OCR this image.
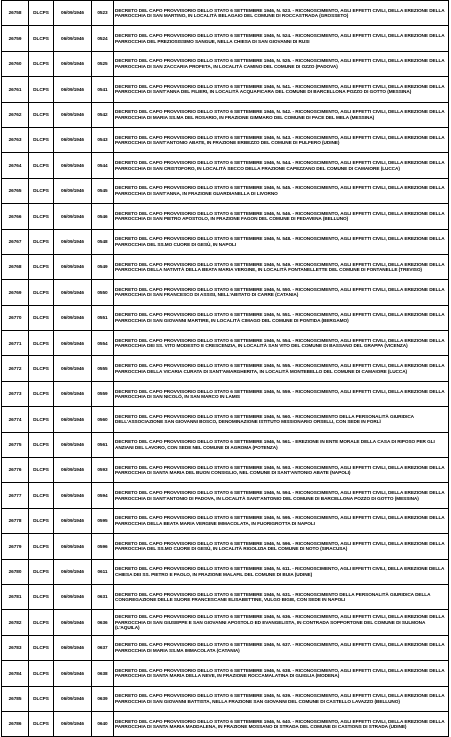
26758	DLCPS	06/09/1946	0523	DECRETO DEL CAPO PROVVISORIO DELLO STATO 6 SETTEMBRE 1946, N. 523. - RICONOSCIMENTO, AGLI EFFETTI CIVILI, DELLA EREZIONE DELLA PARROCCHIA DI SAN MARTINO, IN LOCALITÀ BELAGAIO DEL COMUNE DI ROCCASTRADA (GROSSETO)
26759	DLCPS	06/09/1946	0524	DECRETO DEL CAPO PROVVISORIO DELLO STATO 6 SETTEMBRE 1946, N. 524. - RICONOSCIMENTO, AGLI EFFETTI CIVILI, DELLA EREZIONE DELLA PARROCCHIA DEL PREZIOSISSIMO SANGUE, NELLA CHIESA DI SAN GIOVANNI DI RUSI
26760	DLCPS	06/09/1946	0525	DECRETO DEL CAPO PROVVISORIO DELLO STATO 6 SETTEMBRE 1946, N. 525. - RICONOSCIMENTO, AGLI EFFETTI CIVILI, DELLA EREZIONE DELLA PARROCCHIA DI SAN ZACCARIA PROFETA, IN LOCALITÀ CAMINO DEL COMUNE DI OZZO (PADOVA)
26761	DLCPS	06/09/1946	0541	DECRETO DEL CAPO PROVVISORIO DELLO STATO 6 SETTEMBRE 1946, N. 541. - RICONOSCIMENTO, AGLI EFFETTI CIVILI, DELLA EREZIONE DELLA PARROCCHIA DI SANT'ANNA DEL FILIERI, IN LOCALITÀ ACQUAFICARA DEL COMUNE DI BARCELLONA POZZO DI GOTTO (MESSINA)
26762	DLCPS	06/09/1946	0542	DECRETO DEL CAPO PROVVISORIO DELLO STATO 6 SETTEMBRE 1946, N. 542. - RICONOSCIMENTO, AGLI EFFETTI CIVILI, DELLA EREZIONE DELLA PARROCCHIA DI MARIA SS.MA DEL ROSARIO, IN FRAZIONE GIMMARO DEL COMUNE DI PACE DEL MELA (MESSINA)
26763	DLCPS	06/09/1946	0543	DECRETO DEL CAPO PROVVISORIO DELLO STATO 6 SETTEMBRE 1946, N. 543. - RICONOSCIMENTO, AGLI EFFETTI CIVILI, DELLA EREZIONE DELLA PARROCCHIA DI SANT'ANTONIO ABATE, IN FRAZIONE ERBEZZO DEL COMUNE DI PULFERO (UDINE)
26764	DLCPS	06/09/1946	0544	DECRETO DEL CAPO PROVVISORIO DELLO STATO 6 SETTEMBRE 1946, N. 544. - RICONOSCIMENTO, AGLI EFFETTI CIVILI, DELLA EREZIONE DELLA PARROCCHIA DI SAN CRISTOFORO, IN LOCALITÀ SECCO DELLA FRAZIONE CAPEZZANO DEL COMUNE DI CAMAIORE (LUCCA)
26765	DLCPS	06/09/1946	0545	DECRETO DEL CAPO PROVVISORIO DELLO STATO 6 SETTEMBRE 1946, N. 545. - RICONOSCIMENTO, AGLI EFFETTI CIVILI, DELLA EREZIONE DELLA PARROCCHIA DI SANT'ANNA, IN FRAZIONE GUARDIANELLA DI LIVORNO
26766	DLCPS	06/09/1946	0546	DECRETO DEL CAPO PROVVISORIO DELLO STATO 6 SETTEMBRE 1946, N. 546. - RICONOSCIMENTO, AGLI EFFETTI CIVILI, DELLA EREZIONE DELLA PARROCCHIA DI SAN PIETRO APOSTOLO, IN FRAZIONE FAGON DEL COMUNE DI FEDAVENA (BELLUNO)
26767	DLCPS	06/09/1946	0548	DECRETO DEL CAPO PROVVISORIO DELLO STATO 6 SETTEMBRE 1946, N. 548. - RICONOSCIMENTO, AGLI EFFETTI CIVILI, DELLA EREZIONE DELLA PARROCCHIA DEL SS.MO CUORE DI GESÙ, IN NAPOLI
26768	DLCPS	06/09/1946	0549	DECRETO DEL CAPO PROVVISORIO DELLO STATO 6 SETTEMBRE 1946, N. 549. - RICONOSCIMENTO, AGLI EFFETTI CIVILI, DELLA EREZIONE DELLA PARROCCHIA DELLA NATIVITÀ DELLA BEATA MARIA VERGINE, IN LOCALITÀ FONTANELLETTE DEL COMUNE DI FONTANELLE (TREVISO)
26769	DLCPS	06/09/1946	0550	DECRETO DEL CAPO PROVVISORIO DELLO STATO 6 SETTEMBRE 1946, N. 550. - RICONOSCIMENTO, AGLI EFFETTI CIVILI, DELLA EREZIONE DELLA PARROCCHIA DI SAN FRANCESCO DI ASSISI, NELL'ABITATO DI CARRE (CATANIA)
26770	DLCPS	06/09/1946	0551	DECRETO DEL CAPO PROVVISORIO DELLO STATO 6 SETTEMBRE 1946, N. 551. - RICONOSCIMENTO, AGLI EFFETTI CIVILI, DELLA EREZIONE DELLA PARROCCHIA DI SAN GIOVANNI MARTIRE, IN LOCALITÀ CIMAGO DEL COMUNE DI PONTIDA (BERGAMO)
26771	DLCPS	06/09/1946	0554	DECRETO DEL CAPO PROVVISORIO DELLO STATO 6 SETTEMBRE 1946, N. 554. - RICONOSCIMENTO, AGLI EFFETTI CIVILI, DELLA EREZIONE DELLA PARROCCHIA DEI SS. VITO MODESTO E CRESCENZIA, IN LOCALITÀ SAN VITO DEL COMUNE DI BASSANO DEL GRAPPA (VICENZA)
26772	DLCPS	06/09/1946	0555	DECRETO DEL CAPO PROVVISORIO DELLO STATO 6 SETTEMBRE 1946, N. 555. - RICONOSCIMENTO, AGLI EFFETTI CIVILI, DELLA EREZIONE DELLA PARROCCHIA DELLA VICARIA CURATA DI SANT'AMARGHERITA, IN LOCALITÀ MONTEBELLO DEL COMUNE DI CAMAIORE (LUCCA)
26773	DLCPS	06/09/1946	0559	DECRETO DEL CAPO PROVVISORIO DELLO STATO 6 SETTEMBRE 1946, N. 559. - RICONOSCIMENTO, AGLI EFFETTI CIVILI, DELLA EREZIONE DELLA PARROCCHIA DI SAN NICOLÒ, IN SAN MARCO IN LAMIS
26774	DLCPS	06/09/1946	0560	DECRETO DEL CAPO PROVVISORIO DELLO STATO 6 SETTEMBRE 1946, N. 560. - RICONOSCIMENTO DELLA PERSONALITÀ GIURIDICA DELL'ASSOCIAZIONE SAN GIOVANNI BOSCO, DENOMINAZIONE ISTITUTO MISSIONARIO ORSELLI, CON SEDE IN FORLÌ
26775	DLCPS	06/09/1946	0561	DECRETO DEL CAPO PROVVISORIO DELLO STATO 6 SETTEMBRE 1946, N. 561. - EREZIONE IN ENTE MORALE DELLA CASA DI RIPOSO PER GLI ANZIANI DEL LAVORO, CON SEDE NEL COMUNE DI AGROMA (POTENZA)
26776	DLCPS	06/09/1946	0593	DECRETO DEL CAPO PROVVISORIO DELLO STATO 6 SETTEMBRE 1946, N. 593. - RICONOSCIMENTO, AGLI EFFETTI CIVILI, DELLA EREZIONE DELLA PARROCCHIA DI SANTA MARIA DEL BUON CONSIGLIO, NEL COMUNE DI SANT'ANTONIO ABATE (NAPOLI)
26777	DLCPS	06/09/1946	0594	DECRETO DEL CAPO PROVVISORIO DELLO STATO 6 SETTEMBRE 1946, N. 594. - RICONOSCIMENTO, AGLI EFFETTI CIVILI, DELLA EREZIONE DELLA PARROCCHIA DI SANT'ANTONIO DI PADOVA, IN LOCALITÀ SANT'ANTONIO DEL COMUNE DI BARCELLONA POZZO DI GOTTO (MESSINA)
26778	DLCPS	06/09/1946	0595	DECRETO DEL CAPO PROVVISORIO DELLO STATO 6 SETTEMBRE 1946, N. 595. - RICONOSCIMENTO, AGLI EFFETTI CIVILI, DELLA EREZIONE DELLA PARROCCHIA DELLA BEATA MARIA VERGINE IMMACOLATA, IN FUORIGROTTA DI NAPOLI
26779	DLCPS	06/09/1946	0596	DECRETO DEL CAPO PROVVISORIO DELLO STATO 6 SETTEMBRE 1946, N. 596. - RICONOSCIMENTO, AGLI EFFETTI CIVILI, DELLA EREZIONE DELLA PARROCCHIA DEL SS.MO CUORE DI GESÙ, IN LOCALITÀ RIGOLIZIA DEL COMUNE DI NOTO (SIRACUSA)
26780	DLCPS	06/09/1946	0611	DECRETO DEL CAPO PROVVISORIO DELLO STATO 6 SETTEMBRE 1946, N. 611. - RICONOSCIMENTO, AGLI EFFETTI CIVILI, DELLA EREZIONE DELLA CHIESA DEI SS. PIETRO E PAOLO, IN FRAZIONE MALAFIL DEL COMUNE DI BUIA (UDINE)
26781	DLCPS	06/09/1946	0631	DECRETO DEL CAPO PROVVISORIO DELLO STATO 6 SETTEMBRE 1946, N. 631. - RICONOSCIMENTO DELLA PERSONALITÀ GIURIDICA DELLA CONGREGAZIONE DELLE SUORE FRANCESCANE ELISABETTINE, VULGO BIGIE, CON SEDE IN NAPOLI
26782	DLCPS	06/09/1946	0636	DECRETO DEL CAPO PROVVISORIO DELLO STATO 6 SETTEMBRE 1946, N. 636. - RICONOSCIMENTO, AGLI EFFETTI CIVILI, DELLA EREZIONE DELLA PARROCCHIA DI SAN GIUSEPPE E SAN GIOVANNI APOSTOLO ED EVANGELISTA, IN CONTRADA SOPPORTONE DEL COMUNE DI SULMONA (L'AQUILA)
26783	DLCPS	06/09/1946	0637	DECRETO DEL CAPO PROVVISORIO DELLO STATO 6 SETTEMBRE 1946, N. 637. - RICONOSCIMENTO, AGLI EFFETTI CIVILI, DELLA EREZIONE DELLA PARROCCHIA DI MARIA SS.MA IMMACOLATA (CATANIA)
26784	DLCPS	06/09/1946	0638	DECRETO DEL CAPO PROVVISORIO DELLO STATO 6 SETTEMBRE 1946, N. 638. - RICONOSCIMENTO, AGLI EFFETTI CIVILI, DELLA EREZIONE DELLA PARROCCHIA DI SANTA MARIA DELLA NEVE, IN FRAZIONE ROCCAMALATINA DI GUIGLIA (MODENA)
26785	DLCPS	06/09/1946	0639	DECRETO DEL CAPO PROVVISORIO DELLO STATO 6 SETTEMBRE 1946, N. 639. - RICONOSCIMENTO, AGLI EFFETTI CIVILI, DELLA EREZIONE DELLA PARROCCHIA DI SAN GIOVANNI BATTISTA, NELLA FRAZIONE SAN GIOVANNI DEL COMUNE DI CASTELLO LAVAZZO (BELLUNO)
26786	DLCPS	06/09/1946	0640	DECRETO DEL CAPO PROVVISORIO DELLO STATO 6 SETTEMBRE 1946, N. 640. - RICONOSCIMENTO, AGLI EFFETTI CIVILI, DELLA EREZIONE DELLA PARROCCHIA DI SANTA MARIA MADDALENA, IN FRAZIONE MOSSANO DI STRADA DEL COMUNE DI CASTIONS DI STRADA (UDINE)
